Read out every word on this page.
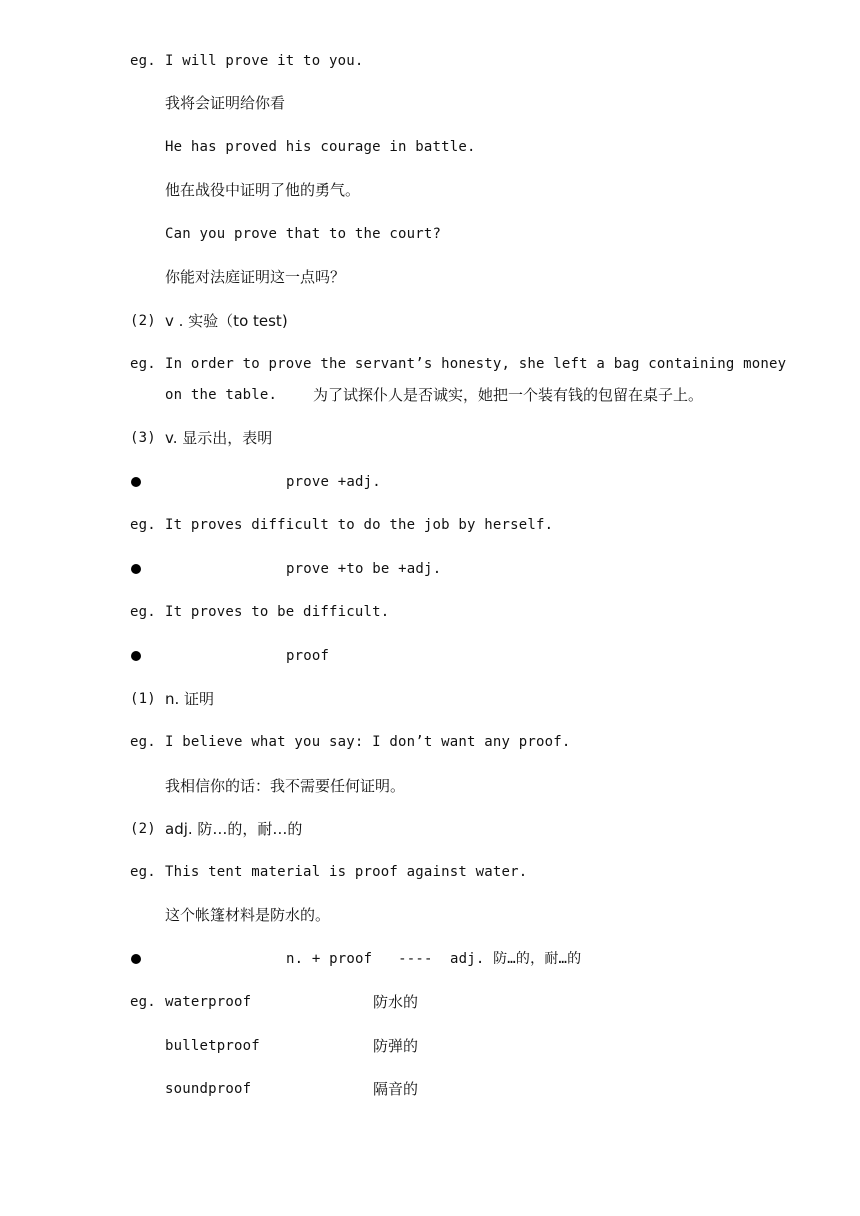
eg. I will prove it to you.
我将会证明给你看
He has proved his courage in battle.
他在战役中证明了他的勇气。
Can you prove that to the court?
你能对法庭证明这一点吗？
(2) v . 实验（to test)
eg. In order to prove the servant’s honesty, she left a bag containing money
on the table. 为了试探仆人是否诚实，她把一个装有钱的包留在桌子上。
(3) v. 显示出，表明
prove +adj.
eg. It proves difficult to do the job by herself.
prove +to be +adj.
eg. It proves to be difficult.
proof
(1) n. 证明
eg. I believe what you say: I don’t want any proof.
我相信你的话：我不需要任何证明。
(2) adj. 防…的，耐…的
eg. This tent material is proof against water.
这个帐篷材料是防水的。
n. + proof   ----  adj. 防…的，耐…的
eg. waterproof	防水的
bulletproof	防弹的
soundproof	隔音的
